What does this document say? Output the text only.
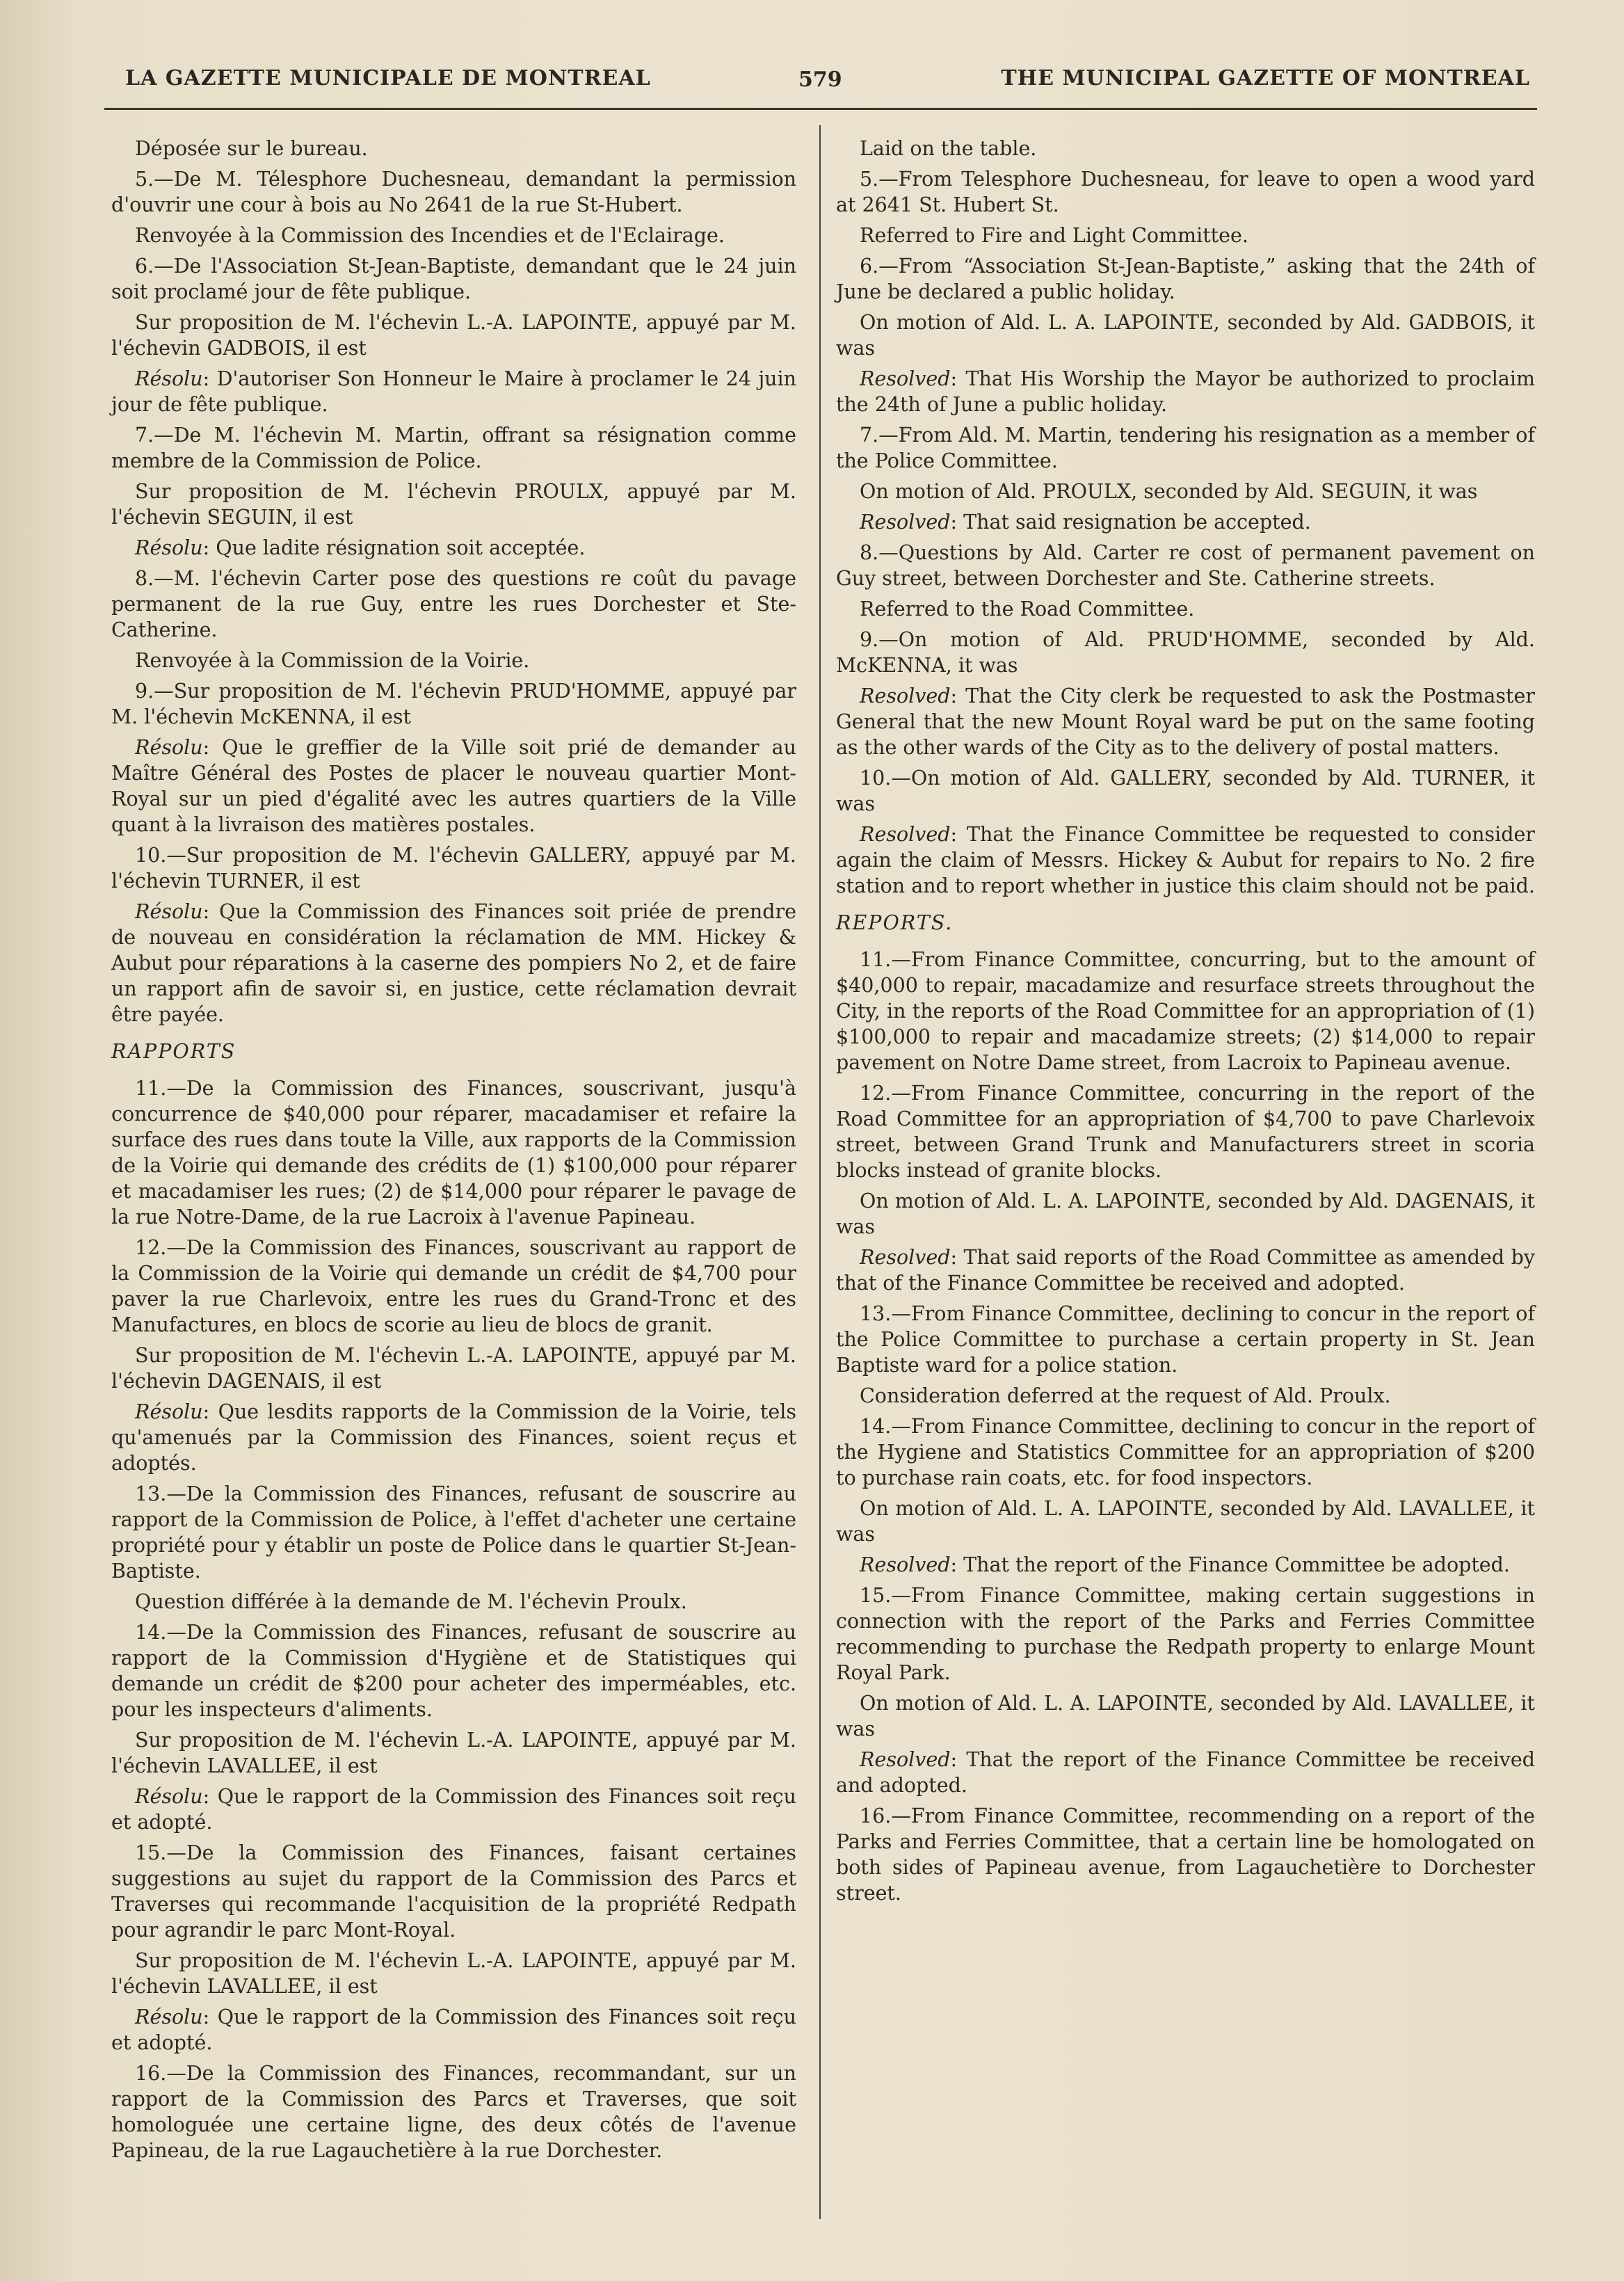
LA GAZETTE MUNICIPALE DE MONTREAL	579	THE MUNICIPAL GAZETTE OF MONTREAL

Déposée sur le bureau.

5.—De M. Télesphore Duchesneau, demandant la permission d'ouvrir une cour à bois au No 2641 de la rue St-Hubert.

Renvoyée à la Commission des Incendies et de l'Eclairage.

6.—De l'Association St-Jean-Baptiste, demandant que le 24 juin soit proclamé jour de fête publique.

Sur proposition de M. l'échevin L.-A. LAPOINTE, appuyé par M. l'échevin GADBOIS, il est

Résolu: D'autoriser Son Honneur le Maire à proclamer le 24 juin jour de fête publique.

7.—De M. l'échevin M. Martin, offrant sa résignation comme membre de la Commission de Police.

Sur proposition de M. l'échevin PROULX, appuyé par M. l'échevin SEGUIN, il est

Résolu: Que ladite résignation soit acceptée.

8.—M. l'échevin Carter pose des questions re coût du pavage permanent de la rue Guy, entre les rues Dorchester et Ste-Catherine.

Renvoyée à la Commission de la Voirie.

9.—Sur proposition de M. l'échevin PRUD'HOMME, appuyé par M. l'échevin McKENNA, il est

Résolu: Que le greffier de la Ville soit prié de demander au Maître Général des Postes de placer le nouveau quartier Mont-Royal sur un pied d'égalité avec les autres quartiers de la Ville quant à la livraison des matières postales.

10.—Sur proposition de M. l'échevin GALLERY, appuyé par M. l'échevin TURNER, il est

Résolu: Que la Commission des Finances soit priée de prendre de nouveau en considération la réclamation de MM. Hickey & Aubut pour réparations à la caserne des pompiers No 2, et de faire un rapport afin de savoir si, en justice, cette réclamation devrait être payée.

RAPPORTS

11.—De la Commission des Finances, souscrivant, jusqu'à concurrence de $40,000 pour réparer, macadamiser et refaire la surface des rues dans toute la Ville, aux rapports de la Commission de la Voirie qui demande des crédits de (1) $100,000 pour réparer et macadamiser les rues; (2) de $14,000 pour réparer le pavage de la rue Notre-Dame, de la rue Lacroix à l'avenue Papineau.

12.—De la Commission des Finances, souscrivant au rapport de la Commission de la Voirie qui demande un crédit de $4,700 pour paver la rue Charlevoix, entre les rues du Grand-Tronc et des Manufactures, en blocs de scorie au lieu de blocs de granit.

Sur proposition de M. l'échevin L.-A. LAPOINTE, appuyé par M. l'échevin DAGENAIS, il est

Résolu: Que lesdits rapports de la Commission de la Voirie, tels qu'amenués par la Commission des Finances, soient reçus et adoptés.

13.—De la Commission des Finances, refusant de souscrire au rapport de la Commission de Police, à l'effet d'acheter une certaine propriété pour y établir un poste de Police dans le quartier St-Jean-Baptiste.

Question différée à la demande de M. l'échevin Proulx.

14.—De la Commission des Finances, refusant de souscrire au rapport de la Commission d'Hygiène et de Statistiques qui demande un crédit de $200 pour acheter des imperméables, etc. pour les inspecteurs d'aliments.

Sur proposition de M. l'échevin L.-A. LAPOINTE, appuyé par M. l'échevin LAVALLEE, il est

Résolu: Que le rapport de la Commission des Finances soit reçu et adopté.

15.—De la Commission des Finances, faisant certaines suggestions au sujet du rapport de la Commission des Parcs et Traverses qui recommande l'acquisition de la propriété Redpath pour agrandir le parc Mont-Royal.

Sur proposition de M. l'échevin L.-A. LAPOINTE, appuyé par M. l'échevin LAVALLEE, il est

Résolu: Que le rapport de la Commission des Finances soit reçu et adopté.

16.—De la Commission des Finances, recommandant, sur un rapport de la Commission des Parcs et Traverses, que soit homologuée une certaine ligne, des deux côtés de l'avenue Papineau, de la rue Lagauchetière à la rue Dorchester.

Laid on the table.

5.—From Telesphore Duchesneau, for leave to open a wood yard at 2641 St. Hubert St.

Referred to Fire and Light Committee.

6.—From “Association St-Jean-Baptiste,” asking that the 24th of June be declared a public holiday.

On motion of Ald. L. A. LAPOINTE, seconded by Ald. GADBOIS, it was

Resolved: That His Worship the Mayor be authorized to proclaim the 24th of June a public holiday.

7.—From Ald. M. Martin, tendering his resignation as a member of the Police Committee.

On motion of Ald. PROULX, seconded by Ald. SEGUIN, it was

Resolved: That said resignation be accepted.

8.—Questions by Ald. Carter re cost of permanent pavement on Guy street, between Dorchester and Ste. Catherine streets.

Referred to the Road Committee.

9.—On motion of Ald. PRUD'HOMME, seconded by Ald. McKENNA, it was

Resolved: That the City clerk be requested to ask the Postmaster General that the new Mount Royal ward be put on the same footing as the other wards of the City as to the delivery of postal matters.

10.—On motion of Ald. GALLERY, seconded by Ald. TURNER, it was

Resolved: That the Finance Committee be requested to consider again the claim of Messrs. Hickey & Aubut for repairs to No. 2 fire station and to report whether in justice this claim should not be paid.

REPORTS.

11.—From Finance Committee, concurring, but to the amount of $40,000 to repair, macadamize and resurface streets throughout the City, in the reports of the Road Committee for an appropriation of (1) $100,000 to repair and macadamize streets; (2) $14,000 to repair pavement on Notre Dame street, from Lacroix to Papineau avenue.

12.—From Finance Committee, concurring in the report of the Road Committee for an appropriation of $4,700 to pave Charlevoix street, between Grand Trunk and Manufacturers street in scoria blocks instead of granite blocks.

On motion of Ald. L. A. LAPOINTE, seconded by Ald. DAGENAIS, it was

Resolved: That said reports of the Road Committee as amended by that of the Finance Committee be received and adopted.

13.—From Finance Committee, declining to concur in the report of the Police Committee to purchase a certain property in St. Jean Baptiste ward for a police station.

Consideration deferred at the request of Ald. Proulx.

14.—From Finance Committee, declining to concur in the report of the Hygiene and Statistics Committee for an appropriation of $200 to purchase rain coats, etc. for food inspectors.

On motion of Ald. L. A. LAPOINTE, seconded by Ald. LAVALLEE, it was

Resolved: That the report of the Finance Committee be adopted.

15.—From Finance Committee, making certain suggestions in connection with the report of the Parks and Ferries Committee recommending to purchase the Redpath property to enlarge Mount Royal Park.

On motion of Ald. L. A. LAPOINTE, seconded by Ald. LAVALLEE, it was

Resolved: That the report of the Finance Committee be received and adopted.

16.—From Finance Committee, recommending on a report of the Parks and Ferries Committee, that a certain line be homologated on both sides of Papineau avenue, from Lagauchetière to Dorchester street.
